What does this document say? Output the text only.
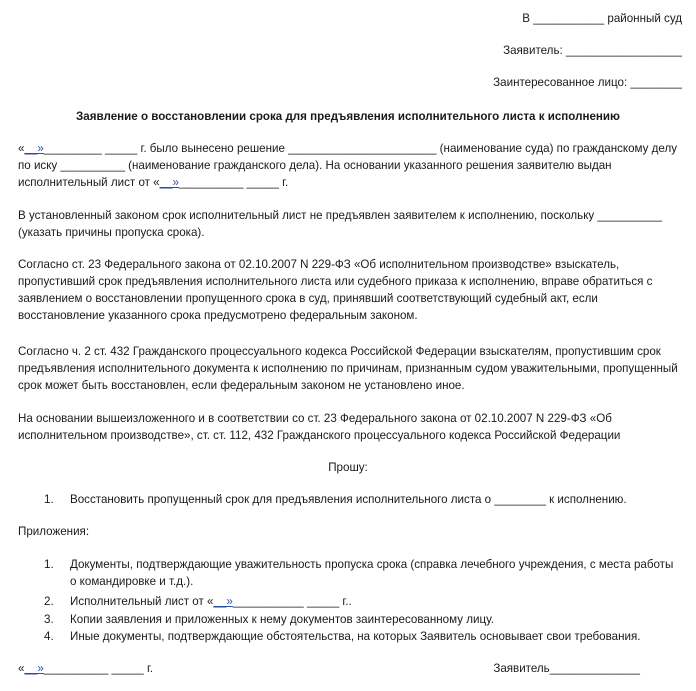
В ___________ районный суд
Заявитель: __________________
Заинтересованное лицо: ________
Заявление о восстановлении срока для предъявления исполнительного листа к исполнению
«__»_________ _____ г. было вынесено решение _______________________ (наименование суда) по гражданскому делу
по иску __________ (наименование гражданского дела). На основании указанного решения заявителю выдан
исполнительный лист от «__»__________ _____ г.
В установленный законом срок исполнительный лист не предъявлен заявителем к исполнению, поскольку __________ (указать причины пропуска срока).
Согласно ст. 23 Федерального закона от 02.10.2007 N 229-ФЗ «Об исполнительном производстве» взыскатель, пропустивший срок предъявления исполнительного листа или судебного приказа к исполнению, вправе обратиться с заявлением о восстановлении пропущенного срока в суд, принявший соответствующий судебный акт, если восстановление указанного срока предусмотрено федеральным законом.
Согласно ч. 2 ст. 432 Гражданского процессуального кодекса Российской Федерации взыскателям, пропустившим срок предъявления исполнительного документа к исполнению по причинам, признанным судом уважительными, пропущенный срок может быть восстановлен, если федеральным законом не установлено иное.
На основании вышеизложенного и в соответствии со ст. 23 Федерального закона от 02.10.2007 N 229-ФЗ «Об исполнительном производстве», ст. ст. 112, 432 Гражданского процессуального кодекса Российской Федерации
Прошу:
1. Восстановить пропущенный срок для предъявления исполнительного листа о ________ к исполнению.
Приложения:
1. Документы, подтверждающие уважительность пропуска срока (справка лечебного учреждения, с места работы о командировке и т.д.).
2. Исполнительный лист от «__»___________ _____ г..
3. Копии заявления и приложенных к нему документов заинтересованному лицу.
4. Иные документы, подтверждающие обстоятельства, на которых Заявитель основывает свои требования.
«__»__________ _____ г.	Заявитель______________
